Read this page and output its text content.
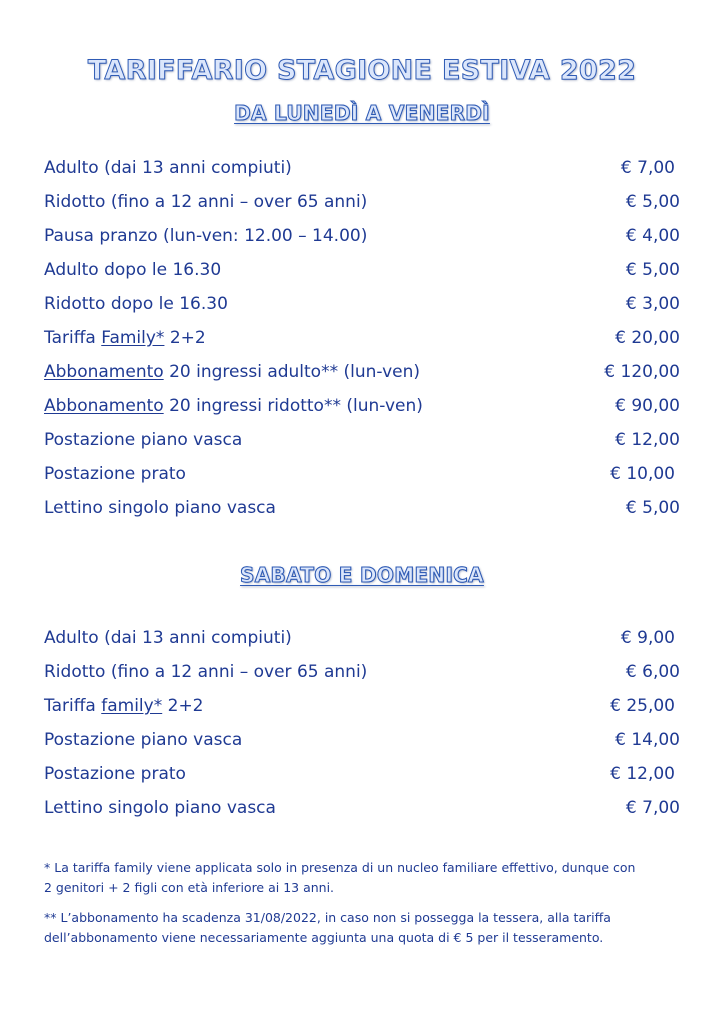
TARIFFARIO STAGIONE ESTIVA 2022
DA LUNEDÌ A VENERDÌ
Adulto (dai 13 anni compiuti)	€ 7,00
Ridotto (fino a 12 anni – over 65 anni)	€ 5,00
Pausa pranzo (lun-ven: 12.00 – 14.00)	€ 4,00
Adulto dopo le 16.30	€ 5,00
Ridotto dopo le 16.30	€ 3,00
Tariffa Family* 2+2	€ 20,00
Abbonamento 20 ingressi adulto** (lun-ven)	€ 120,00
Abbonamento 20 ingressi ridotto** (lun-ven)	€ 90,00
Postazione piano vasca	€ 12,00
Postazione prato	€ 10,00
Lettino singolo piano vasca	€ 5,00
SABATO E DOMENICA
Adulto (dai 13 anni compiuti)	€ 9,00
Ridotto (fino a 12 anni – over 65 anni)	€ 6,00
Tariffa family* 2+2	€ 25,00
Postazione piano vasca	€ 14,00
Postazione prato	€ 12,00
Lettino singolo piano vasca	€ 7,00

* La tariffa family viene applicata solo in presenza di un nucleo familiare effettivo, dunque con
2 genitori + 2 figli con età inferiore ai 13 anni.

** L’abbonamento ha scadenza 31/08/2022, in caso non si possegga la tessera, alla tariffa
dell’abbonamento viene necessariamente aggiunta una quota di € 5 per il tesseramento.
